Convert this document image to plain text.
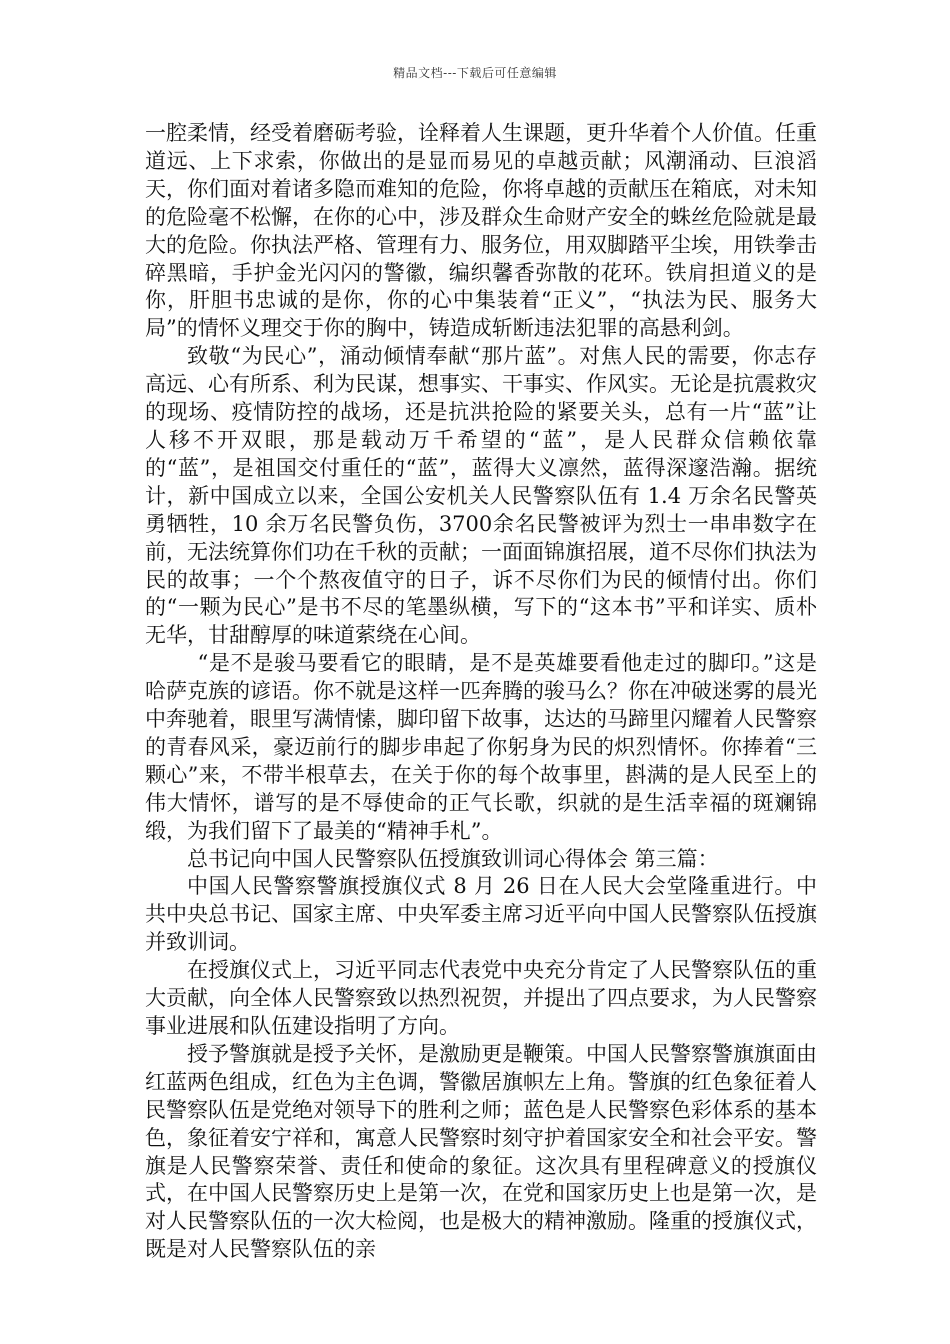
精品文档---下载后可任意编辑

一腔柔情，经受着磨砺考验，诠释着人生课题，更升华着个人价值。任重道远、上下求索，你做出的是显而易见的卓越贡献；风潮涌动、巨浪滔天，你们面对着诸多隐而难知的危险，你将卓越的贡献压在箱底，对未知的危险毫不松懈，在你的心中，涉及群众生命财产安全的蛛丝危险就是最大的危险。你执法严格、管理有力、服务位，用双脚踏平尘埃，用铁拳击碎黑暗，手护金光闪闪的警徽，编织馨香弥散的花环。铁肩担道义的是你，肝胆书忠诚的是你，你的心中集装着“正义”，“执法为民、服务大局”的情怀义理交于你的胸中，铸造成斩断违法犯罪的高悬利剑。

致敬“为民心”，涌动倾情奉献“那片蓝”。对焦人民的需要，你志存高远、心有所系、利为民谋，想事实、干事实、作风实。无论是抗震救灾的现场、疫情防控的战场，还是抗洪抢险的紧要关头，总有一片“蓝”让人移不开双眼，那是载动万千希望的“蓝”，是人民群众信赖依靠的“蓝”，是祖国交付重任的“蓝”，蓝得大义凛然，蓝得深邃浩瀚。据统计，新中国成立以来，全国公安机关人民警察队伍有 1.4 万余名民警英勇牺牲，10 余万名民警负伤，3700余名民警被评为烈士一串串数字在前，无法统算你们功在千秋的贡献；一面面锦旗招展，道不尽你们执法为民的故事；一个个熬夜值守的日子，诉不尽你们为民的倾情付出。你们的“一颗为民心”是书不尽的笔墨纵横，写下的“这本书”平和详实、质朴无华，甘甜醇厚的味道萦绕在心间。

“是不是骏马要看它的眼睛，是不是英雄要看他走过的脚印。”这是哈萨克族的谚语。你不就是这样一匹奔腾的骏马么？你在冲破迷雾的晨光中奔驰着，眼里写满情愫，脚印留下故事，达达的马蹄里闪耀着人民警察的青春风采，豪迈前行的脚步串起了你躬身为民的炽烈情怀。你捧着“三颗心”来，不带半根草去，在关于你的每个故事里，斟满的是人民至上的伟大情怀，谱写的是不辱使命的正气长歌，织就的是生活幸福的斑斓锦缎，为我们留下了最美的“精神手札”。

总书记向中国人民警察队伍授旗致训词心得体会 第三篇：

中国人民警察警旗授旗仪式 8 月 26 日在人民大会堂隆重进行。中共中央总书记、国家主席、中央军委主席习近平向中国人民警察队伍授旗并致训词。

在授旗仪式上，习近平同志代表党中央充分肯定了人民警察队伍的重大贡献，向全体人民警察致以热烈祝贺，并提出了四点要求，为人民警察事业进展和队伍建设指明了方向。

授予警旗就是授予关怀，是激励更是鞭策。中国人民警察警旗旗面由红蓝两色组成，红色为主色调，警徽居旗帜左上角。警旗的红色象征着人民警察队伍是党绝对领导下的胜利之师；蓝色是人民警察色彩体系的基本色，象征着安宁祥和，寓意人民警察时刻守护着国家安全和社会平安。警旗是人民警察荣誉、责任和使命的象征。这次具有里程碑意义的授旗仪式，在中国人民警察历史上是第一次，在党和国家历史上也是第一次，是对人民警察队伍的一次大检阅，也是极大的精神激励。隆重的授旗仪式，既是对人民警察队伍的亲
